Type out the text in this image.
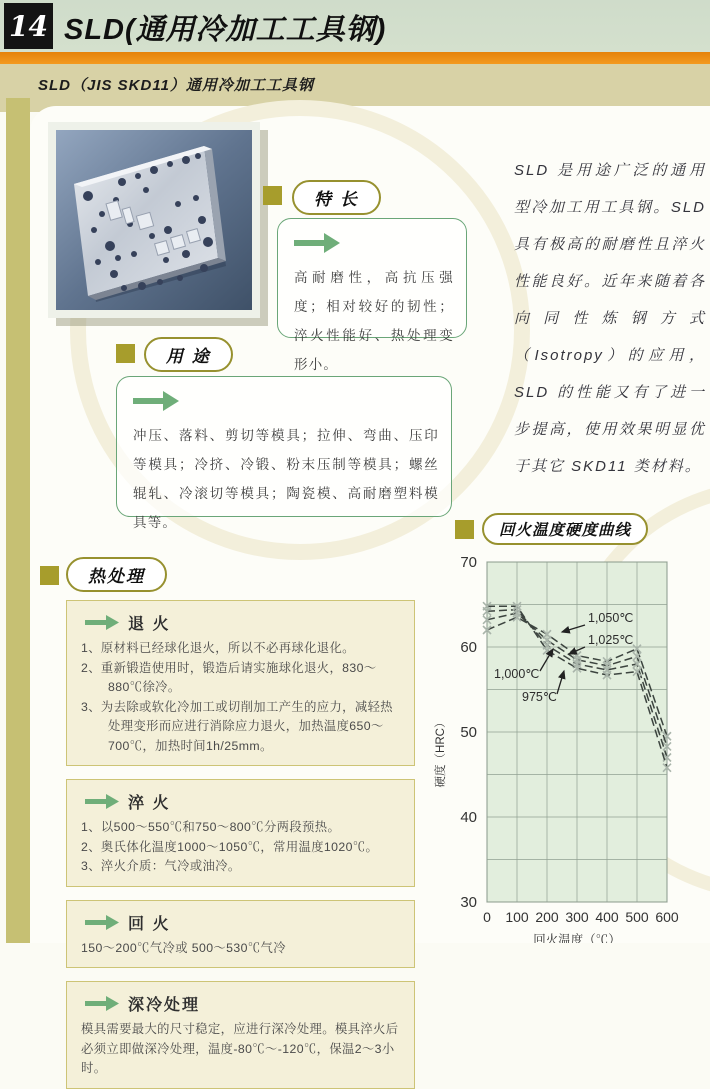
14 SLD(通用冷加工工具钢)
SLD（JIS SKD11）通用冷加工工具钢
特 长
高耐磨性，高抗压强度；相对较好的韧性；淬火性能好、热处理变形小。
用 途
冲压、落料、剪切等模具；拉伸、弯曲、压印等模具；冷挤、冷锻、粉末压制等模具；螺丝辊轧、冷滚切等模具；陶瓷模、高耐磨塑料模具等。
SLD 是用途广泛的通用型冷加工用工具钢。SLD 具有极高的耐磨性且淬火性能良好。近年来随着各向同性炼钢方式（Isotropy）的应用，SLD 的性能又有了进一步提高，使用效果明显优于其它 SKD11 类材料。
回火温度硬度曲线
30
40
50
60
70
0 100 200 300 400 500 600
回火温度（℃）
硬度（HRC）
1,050℃
1,025℃
1,000℃
975℃
热处理
退 火
1、原材料已经球化退火，所以不必再球化退化。
2、重新锻造使用时，锻造后请实施球化退火，830～880℃徐冷。
3、为去除或软化冷加工或切削加工产生的应力，减轻热处理变形而应进行消除应力退火，加热温度650～700℃，加热时间1h/25mm。
淬 火
1、以500～550℃和750～800℃分两段预热。
2、奥氏体化温度1000～1050℃，常用温度1020℃。
3、淬火介质：气冷或油冷。
回 火
150～200℃气冷或 500～530℃气冷
深冷处理
模具需要最大的尺寸稳定，应进行深冷处理。模具淬火后必须立即做深冷处理，温度-80℃～-120℃，保温2～3小时。
